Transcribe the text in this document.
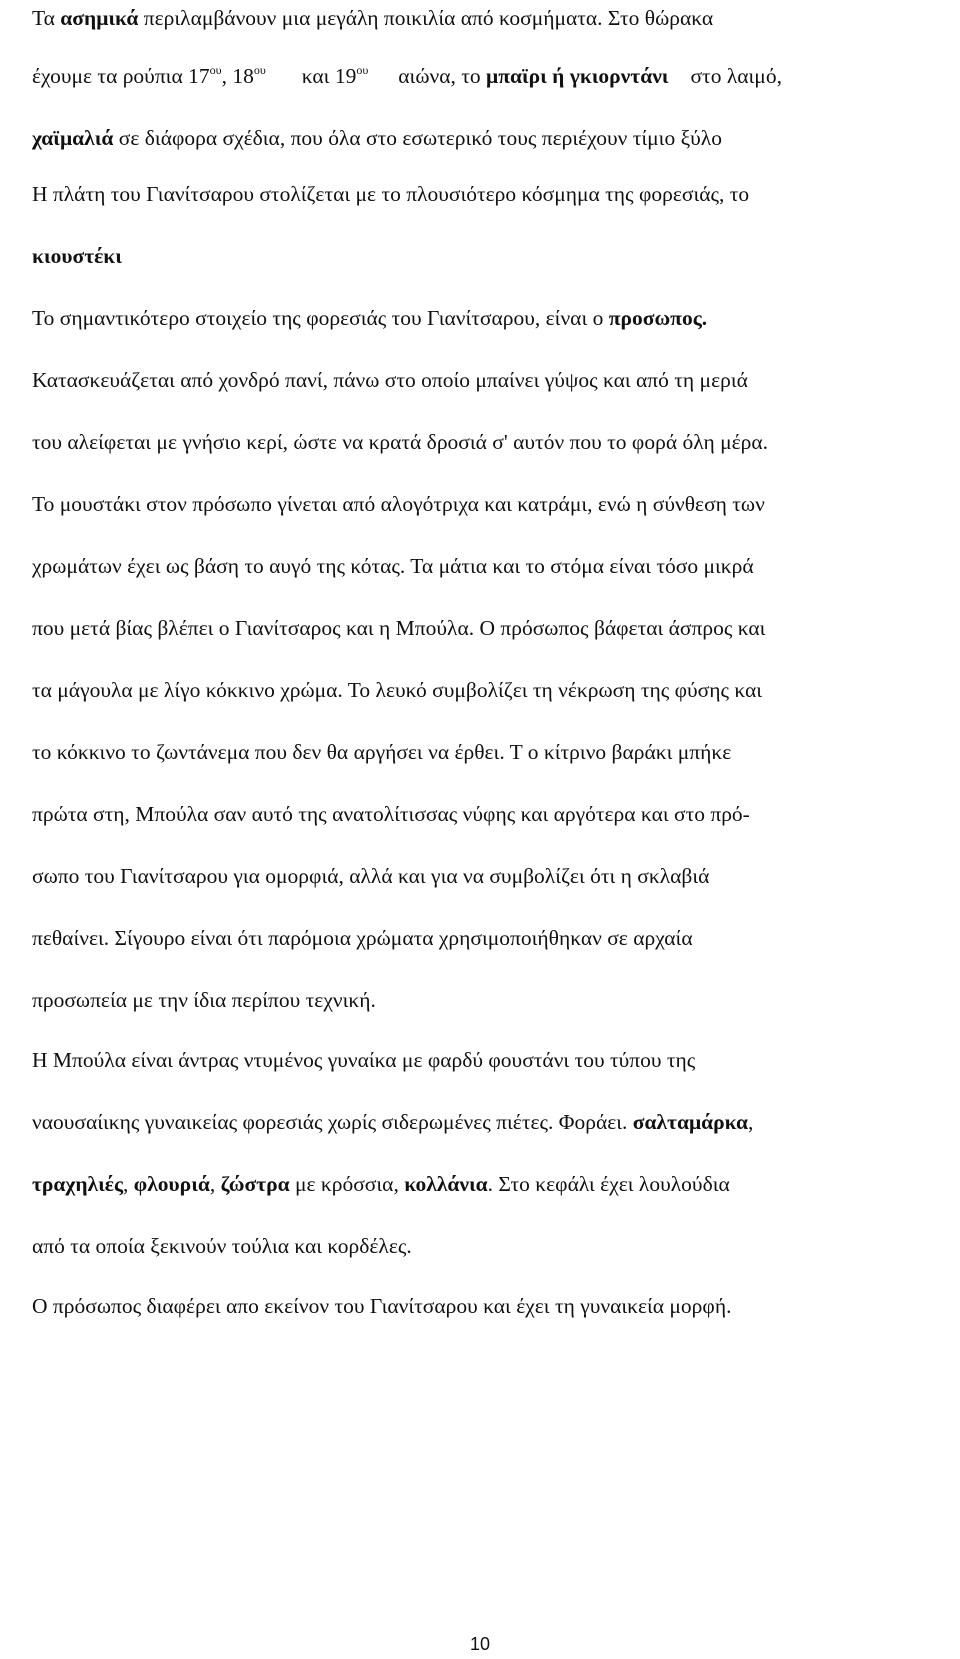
Τα ασημικά περιλαμβάνουν μια μεγάλη ποικιλία από κοσμήματα. Στο θώρακα
έχουμε τα ρούπια $17^{o\upsilon}$, $18^{o\upsilon}$ και $19^{o\upsilon}$ αιώνα, το μπαϊρι ή γκιορντάνι στο λαιμό,
χαϊμαλιά σε διάφορα σχέδια, που όλα στο εσωτερικό τους περιέχουν τίμιο ξύλο
Η πλάτη του Γιανίτσαρου στολίζεται με το πλουσιότερο κόσμημα της φορεσιάς, το
κιουστέκι
Το σημαντικότερο στοιχείο της φορεσιάς του Γιανίτσαρου, είναι ο προσωπος.
Κατασκευάζεται από χονδρό πανί, πάνω στο οποίο μπαίνει γύψος και από τη μεριά
του αλείφεται με γνήσιο κερί, ώστε να κρατά δροσιά σ' αυτόν που το φορά όλη μέρα.
Το μουστάκι στον πρόσωπο γίνεται από αλογότριχα και κατράμι, ενώ η σύνθεση των
χρωμάτων έχει ως βάση το αυγό της κότας. Τα μάτια και το στόμα είναι τόσο μικρά
που μετά βίας βλέπει ο Γιανίτσαρος και η Μπούλα. Ο πρόσωπος βάφεται άσπρος και
τα μάγουλα με λίγο κόκκινο χρώμα. Το λευκό συμβολίζει τη νέκρωση της φύσης και
το κόκκινο το ζωντάνεμα που δεν θα αργήσει να έρθει. Τ ο κίτρινο βαράκι μπήκε
πρώτα στη, Μπούλα σαν αυτό της ανατολίτισσας νύφης και αργότερα και στο πρό-
σωπο του Γιανίτσαρου για ομορφιά, αλλά και για να συμβολίζει ότι η σκλαβιά
πεθαίνει. Σίγουρο είναι ότι παρόμοια χρώματα χρησιμοποιήθηκαν σε αρχαία
προσωπεία με την ίδια περίπου τεχνική.
Η Μπούλα είναι άντρας ντυμένος γυναίκα με φαρδύ φουστάνι του τύπου της
ναουσαίικης γυναικείας φορεσιάς χωρίς σιδερωμένες πιέτες. Φοράει. σαλταμάρκα,
τραχηλιές, φλουριά, ζώστρα με κρόσσια, κολλάνια. Στο κεφάλι έχει λουλούδια
από τα οποία ξεκινούν τούλια και κορδέλες.
Ο πρόσωπος διαφέρει απο εκείνον του Γιανίτσαρου και έχει τη γυναικεία μορφή.
10
